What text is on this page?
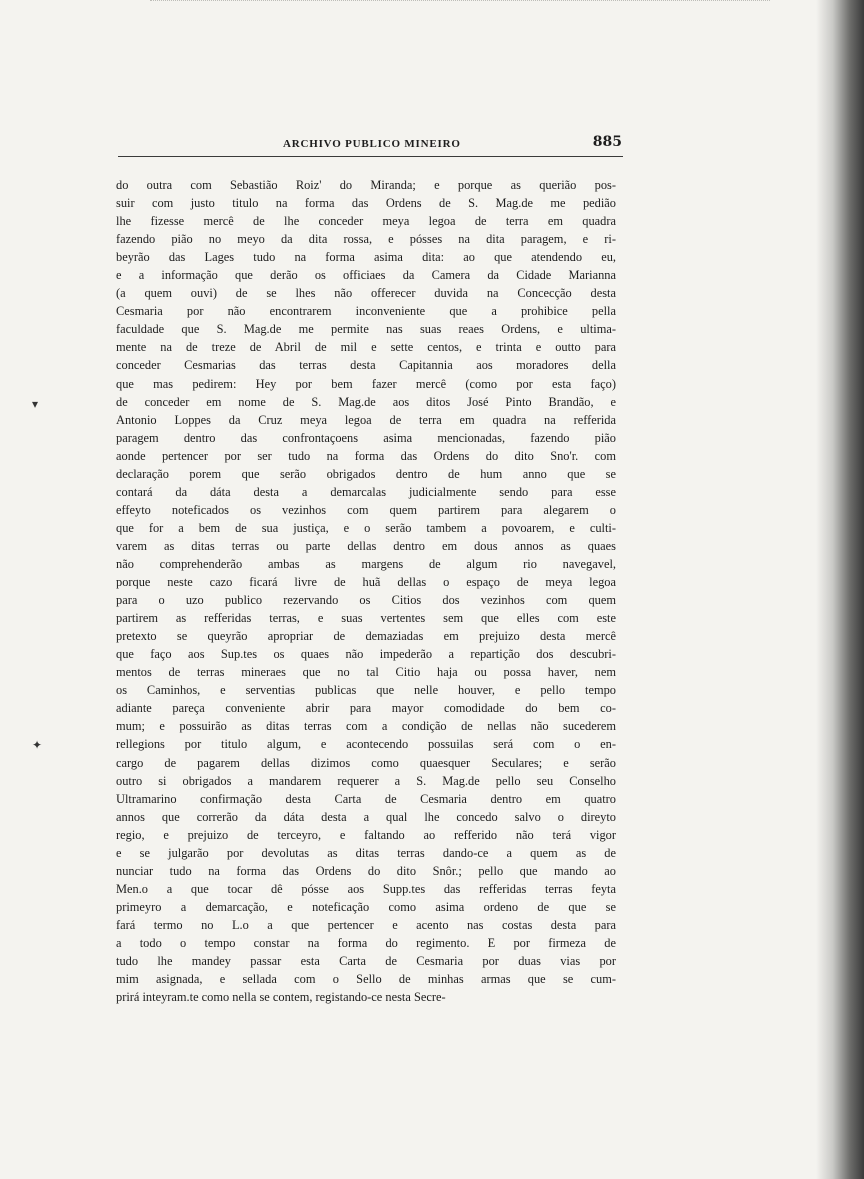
ARCHIVO PUBLICO MINEIRO	885
▾
✦
do outra com Sebastião Roiz' do Miranda; e porque as querião pos-
suir com justo titulo na forma das Ordens de S. Mag.de me pedião
lhe fizesse mercê de lhe conceder meya legoa de terra em quadra
fazendo pião no meyo da dita rossa, e pósses na dita paragem, e ri-
beyrão das Lages tudo na forma asima dita: ao que atendendo eu,
e a informação que derão os officiaes da Camera da Cidade Marianna
(a quem ouvi) de se lhes não offerecer duvida na Concecção desta
Cesmaria por não encontrarem inconveniente que a prohibice pella
faculdade que S. Mag.de me permite nas suas reaes Ordens, e ultima-
mente na de treze de Abril de mil e sette centos, e trinta e outto para
conceder Cesmarias das terras desta Capitannia aos moradores della
que mas pedirem: Hey por bem fazer mercê (como por esta faço)
de conceder em nome de S. Mag.de aos ditos José Pinto Brandão, e
Antonio Loppes da Cruz meya legoa de terra em quadra na refferida
paragem dentro das confrontaçoens asima mencionadas, fazendo pião
aonde pertencer por ser tudo na forma das Ordens do dito Sno'r. com
declaração porem que serão obrigados dentro de hum anno que se
contará da dáta desta a demarcalas judicialmente sendo para esse
effeyto noteficados os vezinhos com quem partirem para alegarem o
que for a bem de sua justiça, e o serão tambem a povoarem, e culti-
varem as ditas terras ou parte dellas dentro em dous annos as quaes
não comprehenderão ambas as margens de algum rio navegavel,
porque neste cazo ficará livre de huã dellas o espaço de meya legoa
para o uzo publico rezervando os Citios dos vezinhos com quem
partirem as refferidas terras, e suas vertentes sem que elles com este
pretexto se queyrão apropriar de demaziadas em prejuizo desta mercê
que faço aos Sup.tes os quaes não impederão a repartição dos descubri-
mentos de terras mineraes que no tal Citio haja ou possa haver, nem
os Caminhos, e serventias publicas que nelle houver, e pello tempo
adiante pareça conveniente abrir para mayor comodidade do bem co-
mum; e possuirão as ditas terras com a condição de nellas não sucederem
rellegions por titulo algum, e acontecendo possuilas será com o en-
cargo de pagarem dellas dizimos como quaesquer Seculares; e serão
outro si obrigados a mandarem requerer a S. Mag.de pello seu Conselho
Ultramarino confirmação desta Carta de Cesmaria dentro em quatro
annos que correrão da dáta desta a qual lhe concedo salvo o direyto
regio, e prejuizo de terceyro, e faltando ao refferido não terá vigor
e se julgarão por devolutas as ditas terras dando-ce a quem as de
nunciar tudo na forma das Ordens do dito Snôr.; pello que mando ao
Men.o a que tocar dê pósse aos Supp.tes das refferidas terras feyta
primeyro a demarcação, e noteficação como asima ordeno de que se
fará termo no L.o a que pertencer e acento nas costas desta para
a todo o tempo constar na forma do regimento. E por firmeza de
tudo lhe mandey passar esta Carta de Cesmaria por duas vias por
mim asignada, e sellada com o Sello de minhas armas que se cum-
prirá inteyram.te como nella se contem, registando-ce nesta Secre-
